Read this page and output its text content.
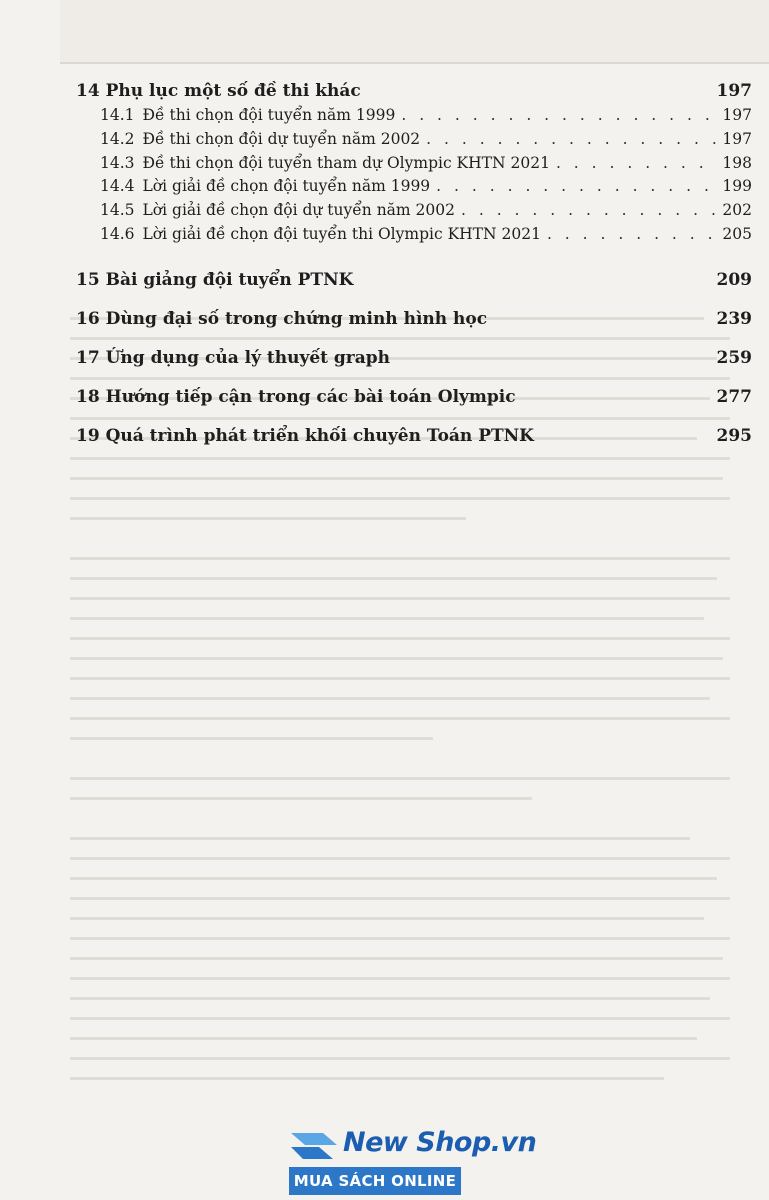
14 Phụ lục một số đề thi khác	197
14.1 Đề thi chọn đội tuyển năm 1999 . . .	197
14.2 Đề thi chọn đội dự tuyển năm 2002 . . .	197
14.3 Đề thi chọn đội tuyển tham dự Olympic KHTN 2021 . . .	198
14.4 Lời giải đề chọn đội tuyển năm 1999 . . .	199
14.5 Lời giải đề chọn đội dự tuyển năm 2002 . . .	202
14.6 Lời giải đề chọn đội tuyển thi Olympic KHTN 2021 . . .	205
15 Bài giảng đội tuyển PTNK	209
16 Dùng đại số trong chứng minh hình học	239
17 Ứng dụng của lý thuyết graph	259
18 Hướng tiếp cận trong các bài toán Olympic	277
19 Quá trình phát triển khối chuyên Toán PTNK	295
New Shop.vn
MUA SÁCH ONLINE
